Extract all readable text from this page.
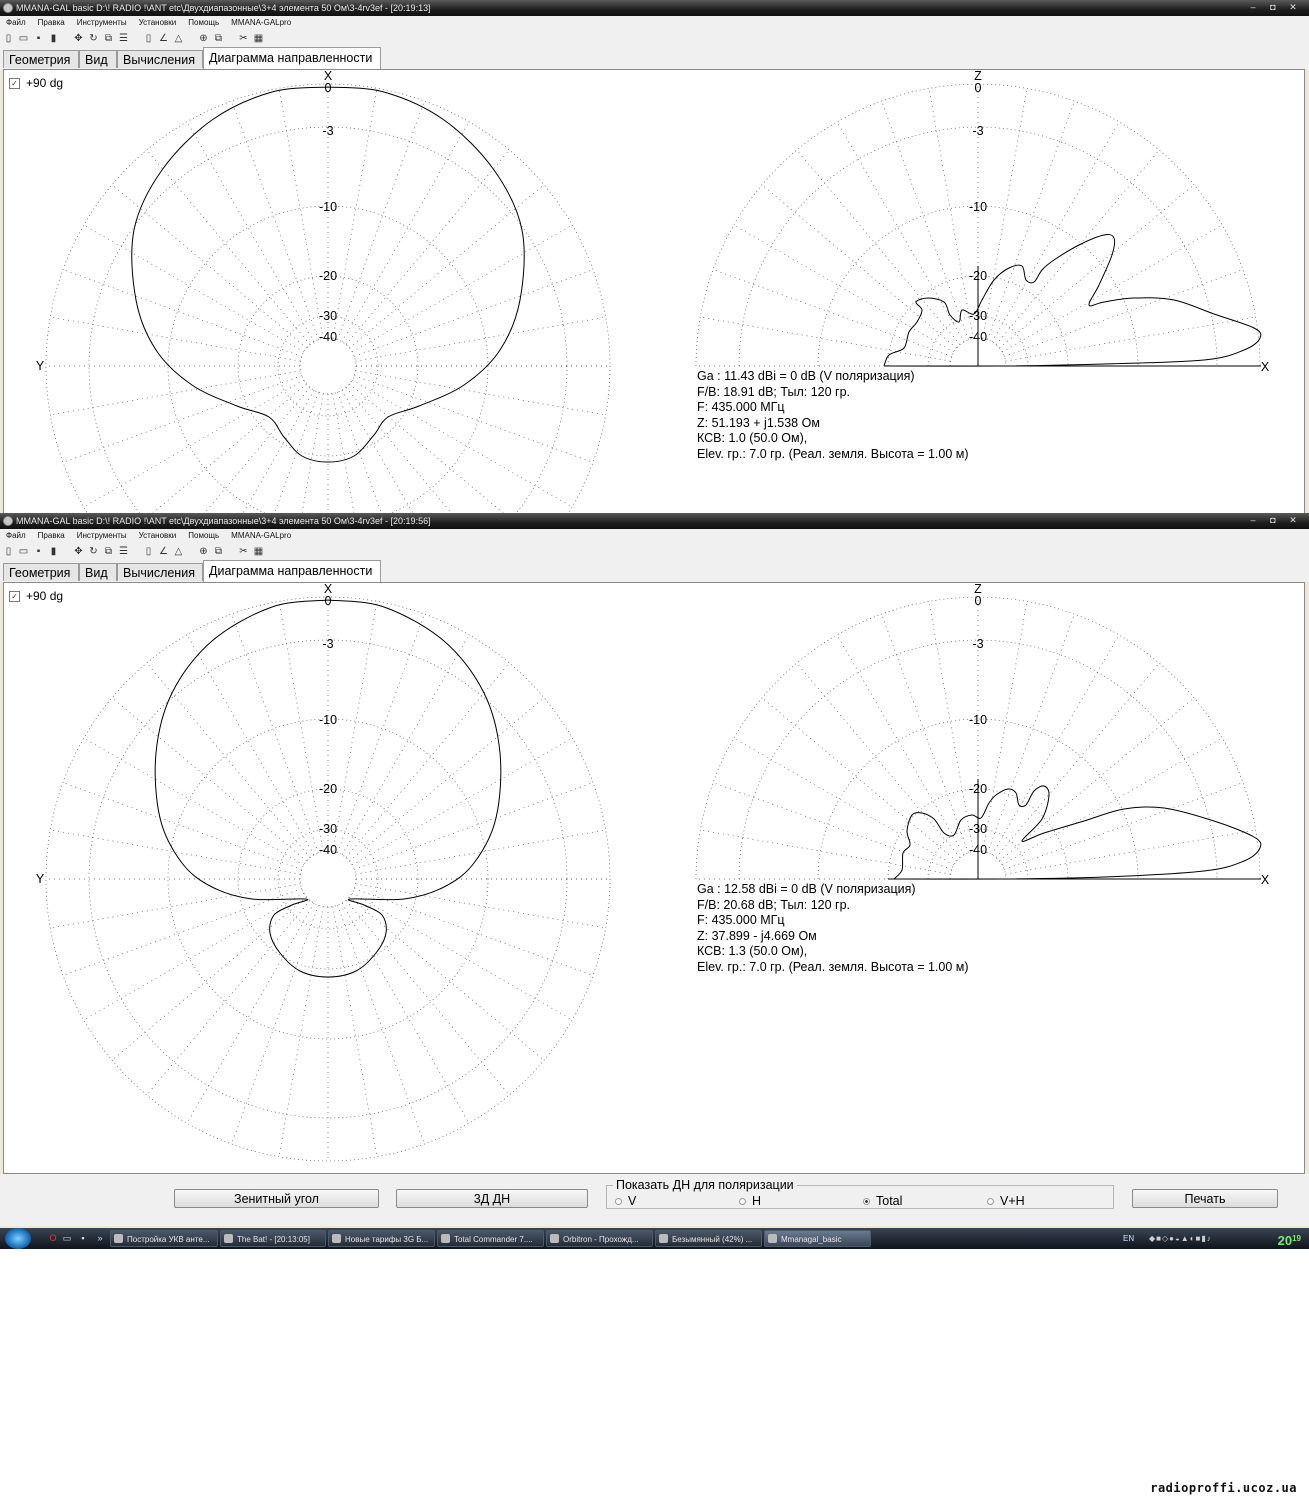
MMANA-GAL basic D:\! RADIO !\ANT etc\Двухдиапазонные\3+4 элемента 50 Ом\3-4rv3ef - [20:19:13]	–	◘	✕
Файл	Правка	Инструменты	Установки	Помощь	MMANA-GALpro
▯ ▭ ▪	▮	✥ ↻ ⧉ ☰	▯ ∠ △ ⊕ ⧉ ✂ ▦
Геометрия	Вид	Вычисления	Диаграмма направленности
0
-3
-10
-20
-30
-40
0
-3
-10
-20
-30
-40
X
Y
Z
X
✓ +90 dg
Ga : 11.43 dBi = 0 dB (V поляризация)
F/B: 18.91 dB; Тыл: 120 гр.
F: 435.000 МГц
Z: 51.193 + j1.538 Ом
КСВ: 1.0 (50.0 Ом),
Elev. гр.: 7.0 гр. (Реал. земля. Высота = 1.00 м)
MMANA-GAL basic D:\! RADIO !\ANT etc\Двухдиапазонные\3+4 элемента 50 Ом\3-4rv3ef - [20:19:56]	–	◘	✕
Файл	Правка	Инструменты	Установки	Помощь	MMANA-GALpro
▯ ▭ ▪	▮	✥ ↻ ⧉ ☰	▯ ∠ △ ⊕ ⧉ ✂ ▦
Геометрия	Вид	Вычисления	Диаграмма направленности
0
-3
-10
-20
-30
-40
0
-3
-10
-20
-30
-40
X
Y
Z
X
✓ +90 dg
Ga : 12.58 dBi = 0 dB (V поляризация)
F/B: 20.68 dB; Тыл: 120 гр.
F: 435.000 МГц
Z: 37.899 - j4.669 Ом
КСВ: 1.3 (50.0 Ом),
Elev. гр.: 7.0 гр. (Реал. земля. Высота = 1.00 м)
Зенитный угол	3Д ДН
Показать ДН для поляризации
V	H	Total	V+H	Печать
O ▭	▪	»	Постройка УКВ анте...	The Bat! - [20:13:05]	Новые тарифы 3G Б...	Total Commander 7....	Orbitron - Прохожд...	Безымянный (42%) ...	Mmanagal_basic	EN ◆■◇●◒▲◐■▮♪	$20^{19}$
radioproffi.ucoz.ua
